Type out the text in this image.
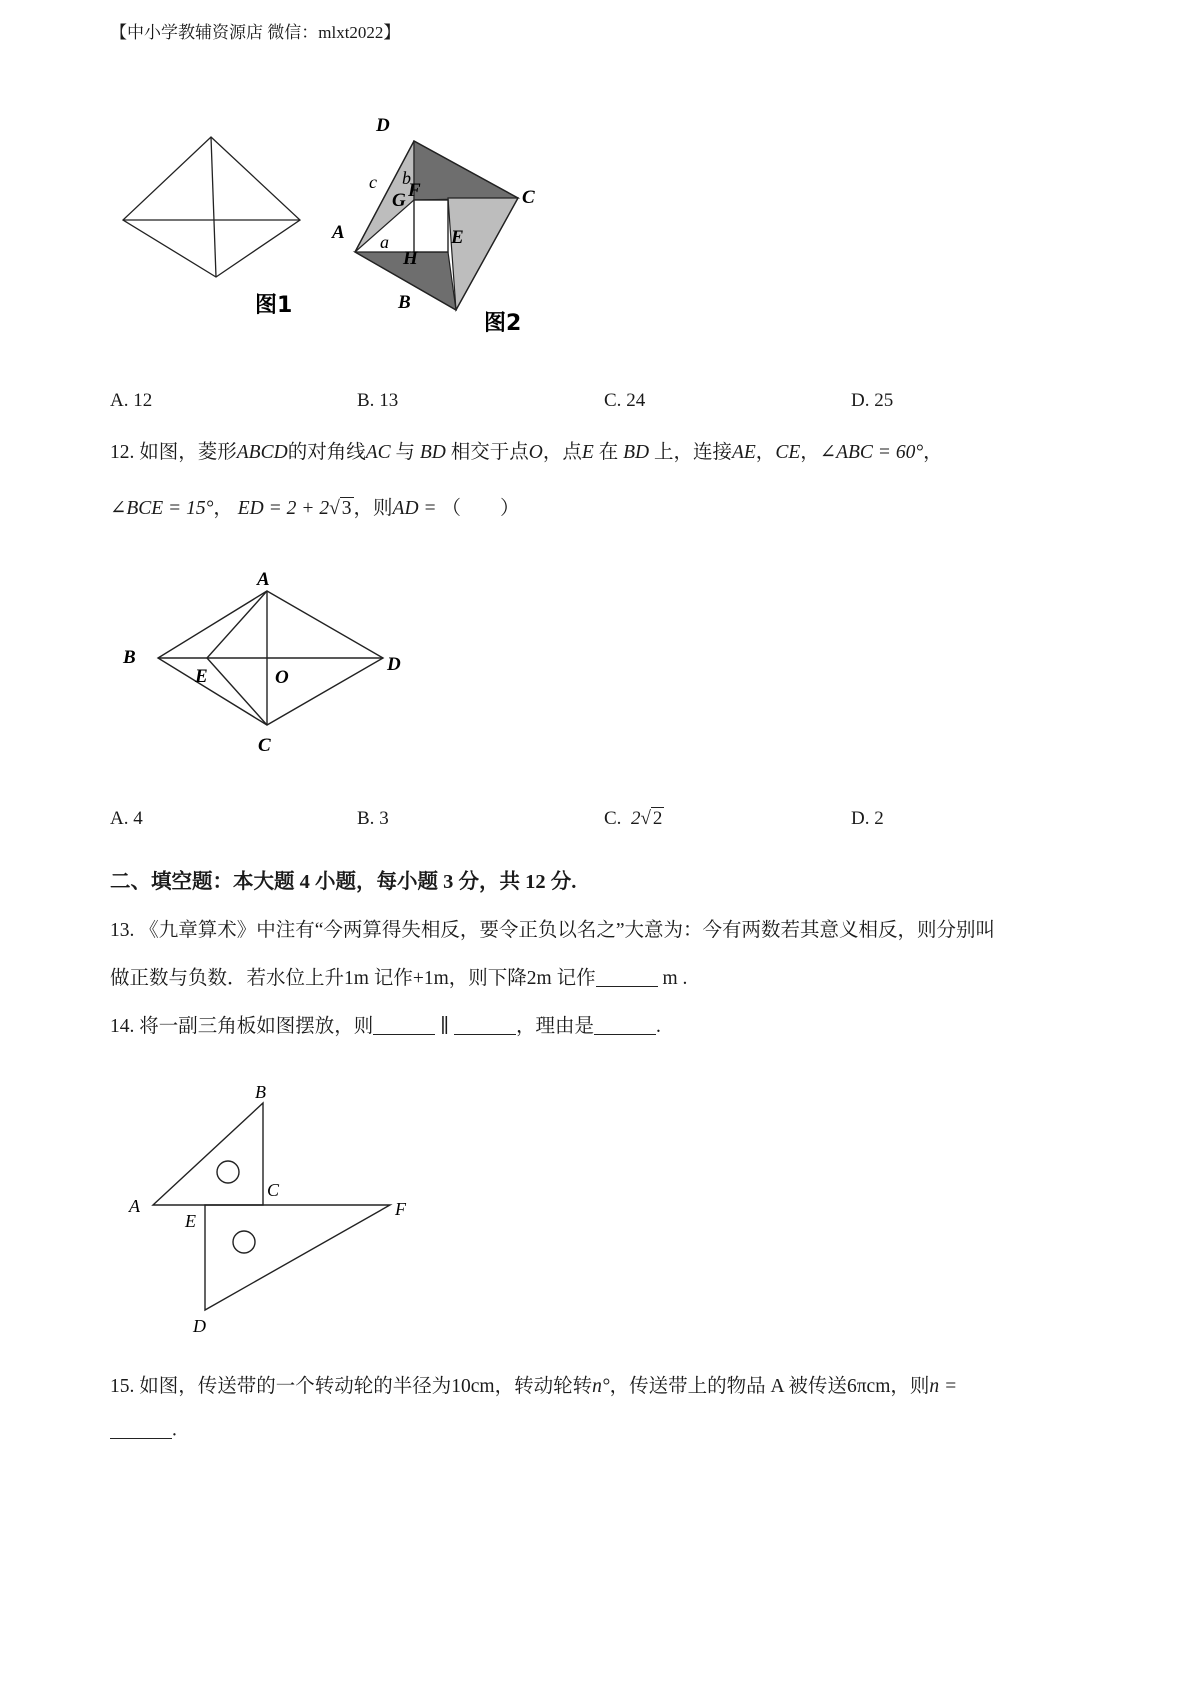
【中小学教辅资源店 微信：mlxt2022】
图1
D
C
A
B
G F
E
H
a
b
c
图2
A. 12	B. 13	C. 24	D. 25
12. 如图，菱形ABCD的对角线AC 与 BD 相交于点O，点E 在 BD 上，连接AE，CE，∠ABC = 60°，
∠BCE = 15°， ED = 2 + 2√ 3 ，则AD = （　　）
A
B	D
C
E	O
A. 4	B. 3	C. 2√ 2	D. 2
二、填空题：本大题 4 小题，每小题 3 分，共 12 分.
13. 《九章算术》中注有“今两算得失相反，要令正负以名之”大意为：今有两数若其意义相反，则分别叫
做正数与负数．若水位上升1m 记作+1m，则下降2m 记作	m .
14. 将一副三角板如图摆放，则	∥	，理由是	.
B
A
C
E
F
D
15. 如图，传送带的一个转动轮的半径为10cm，转动轮转n°，传送带上的物品 A 被传送6πcm，则n =
.
